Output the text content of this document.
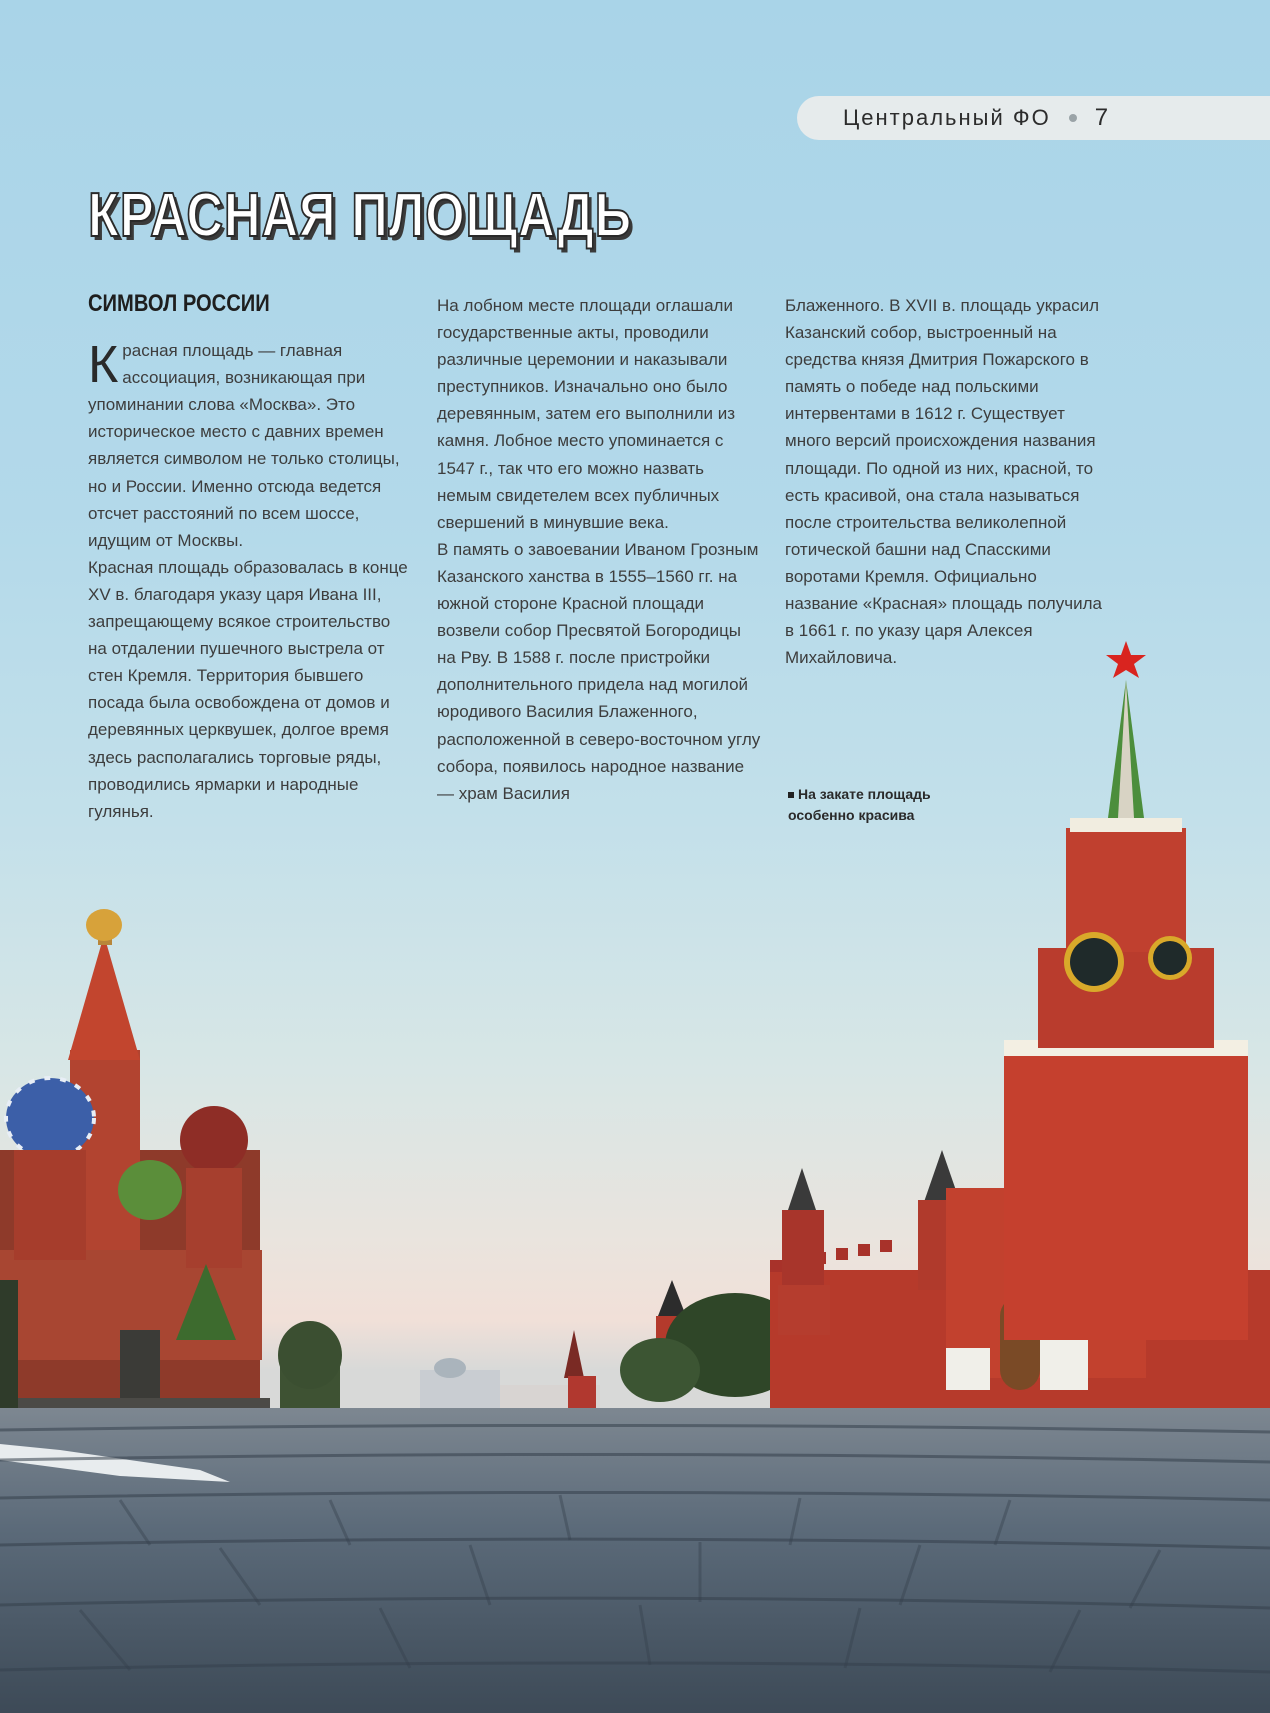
Центральный ФО 7
КРАСНАЯ ПЛОЩАДЬ
СИМВОЛ РОССИИ

Красная площадь — главная ассоциация, возникающая при упоминании слова «Москва». Это историческое место с давних времен является символом не только столицы, но и России. Именно отсюда ведется отсчет расстояний по всем шоссе, идущим от Москвы.

Красная площадь образовалась в конце XV в. благодаря указу царя Ивана III, запрещающему всякое строительство на отдалении пушечного выстрела от стен Кремля. Территория бывшего посада была освобождена от домов и деревянных церквушек, долгое время здесь располагались торговые ряды, проводились ярмарки и народные гулянья.

На лобном месте площади оглашали государственные акты, проводили различные церемонии и наказывали преступников. Изначально оно было деревянным, затем его выполнили из камня. Лобное место упоминается с 1547 г., так что его можно назвать немым свидетелем всех публичных свершений в минувшие века.

В память о завоевании Иваном Грозным Казанского ханства в 1555–1560 гг. на южной стороне Красной площади возвели собор Пресвятой Богородицы на Рву. В 1588 г. после пристройки дополнительного придела над могилой юродивого Василия Блаженного, расположенной в северо-восточном углу собора, появилось народное название — храм Василия

Блаженного. В XVII в. площадь украсил Казанский собор, выстроенный на средства князя Дмитрия Пожарского в память о победе над польскими интервентами в 1612 г. Существует много версий происхождения названия площади. По одной из них, красной, то есть красивой, она стала называться после строительства великолепной готической башни над Спасскими воротами Кремля. Официально название «Красная» площадь получила в 1661 г. по указу царя Алексея Михайловича.

На закате площадь особенно красива
